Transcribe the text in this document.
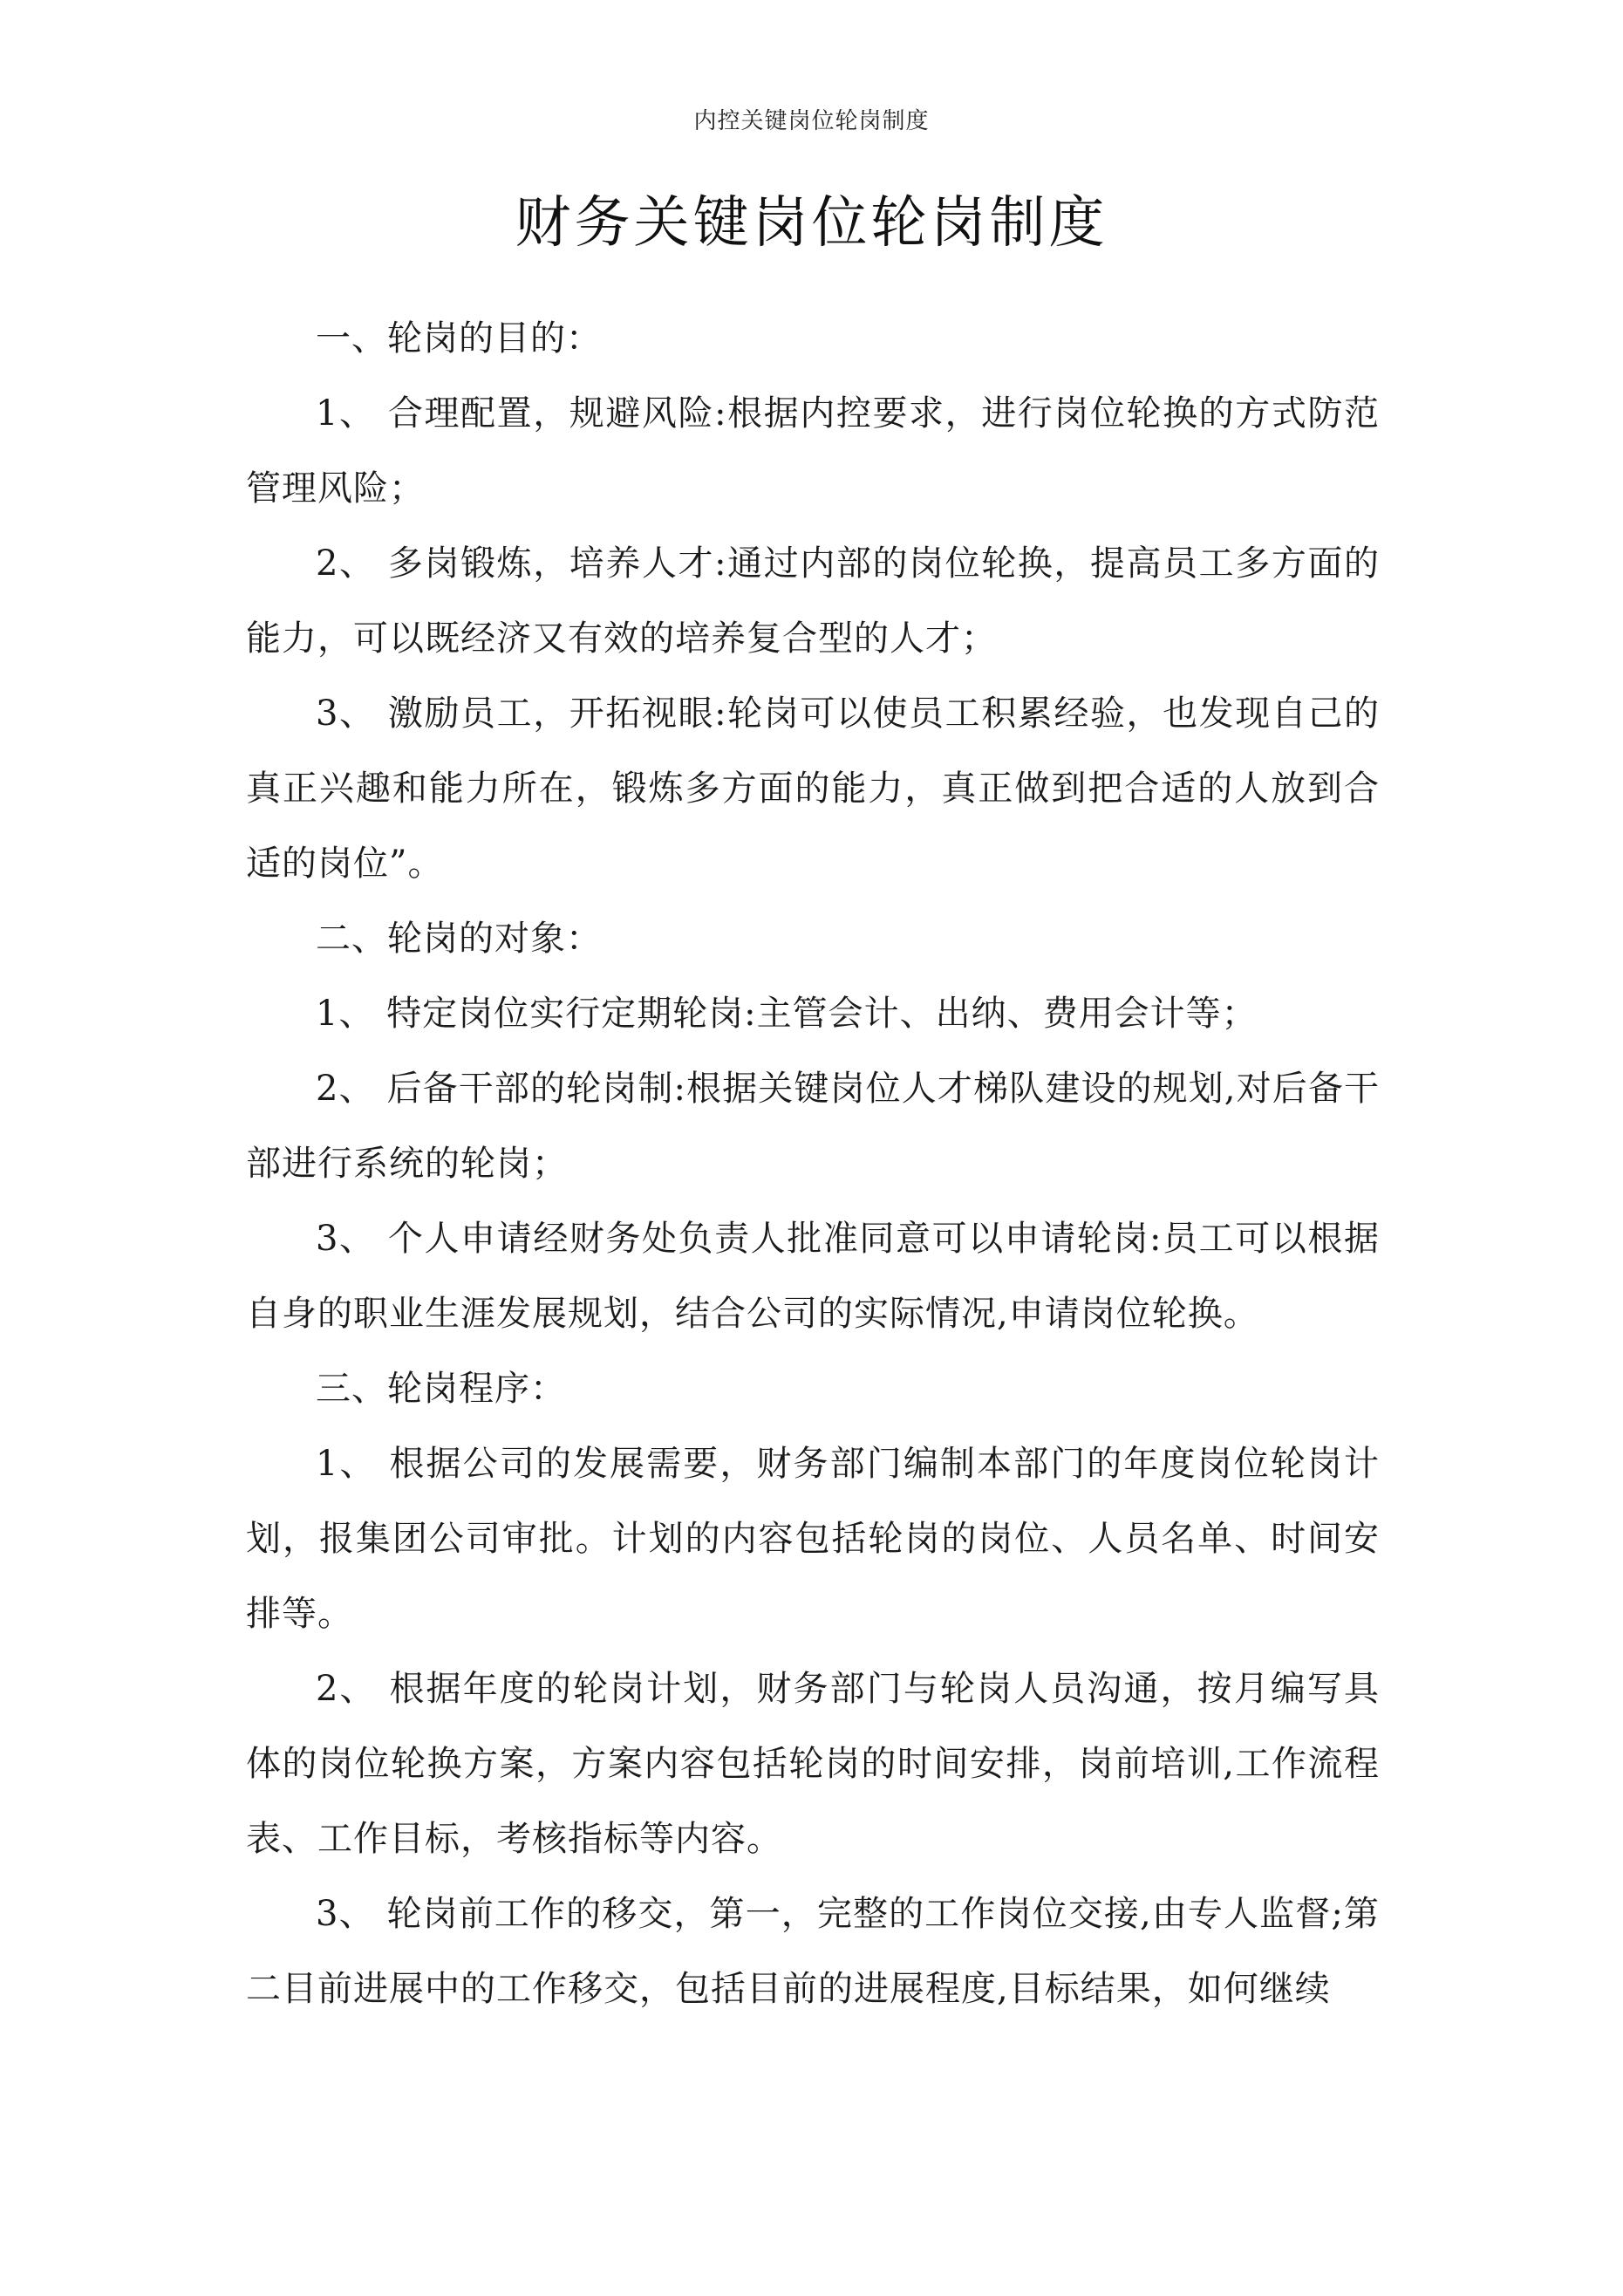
内控关键岗位轮岗制度
财务关键岗位轮岗制度

一、轮岗的目的：

1、 合理配置，规避风险:根据内控要求，进行岗位轮换的方式防范管理风险；

2、 多岗锻炼，培养人才:通过内部的岗位轮换，提高员工多方面的能力，可以既经济又有效的培养复合型的人才；

3、 激励员工，开拓视眼:轮岗可以使员工积累经验，也发现自己的真正兴趣和能力所在，锻炼多方面的能力，真正做到把合适的人放到合适的岗位”。

二、轮岗的对象：

1、 特定岗位实行定期轮岗:主管会计、出纳、费用会计等；

2、 后备干部的轮岗制:根据关键岗位人才梯队建设的规划,对后备干部进行系统的轮岗；

3、 个人申请经财务处负责人批准同意可以申请轮岗:员工可以根据自身的职业生涯发展规划，结合公司的实际情况,申请岗位轮换。

三、轮岗程序：

1、 根据公司的发展需要，财务部门编制本部门的年度岗位轮岗计划，报集团公司审批。计划的内容包括轮岗的岗位、人员名单、时间安排等。

2、 根据年度的轮岗计划，财务部门与轮岗人员沟通，按月编写具体的岗位轮换方案，方案内容包括轮岗的时间安排，岗前培训,工作流程表、工作目标，考核指标等内容。

3、 轮岗前工作的移交，第一，完整的工作岗位交接,由专人监督;第二目前进展中的工作移交，包括目前的进展程度,目标结果，如何继续
